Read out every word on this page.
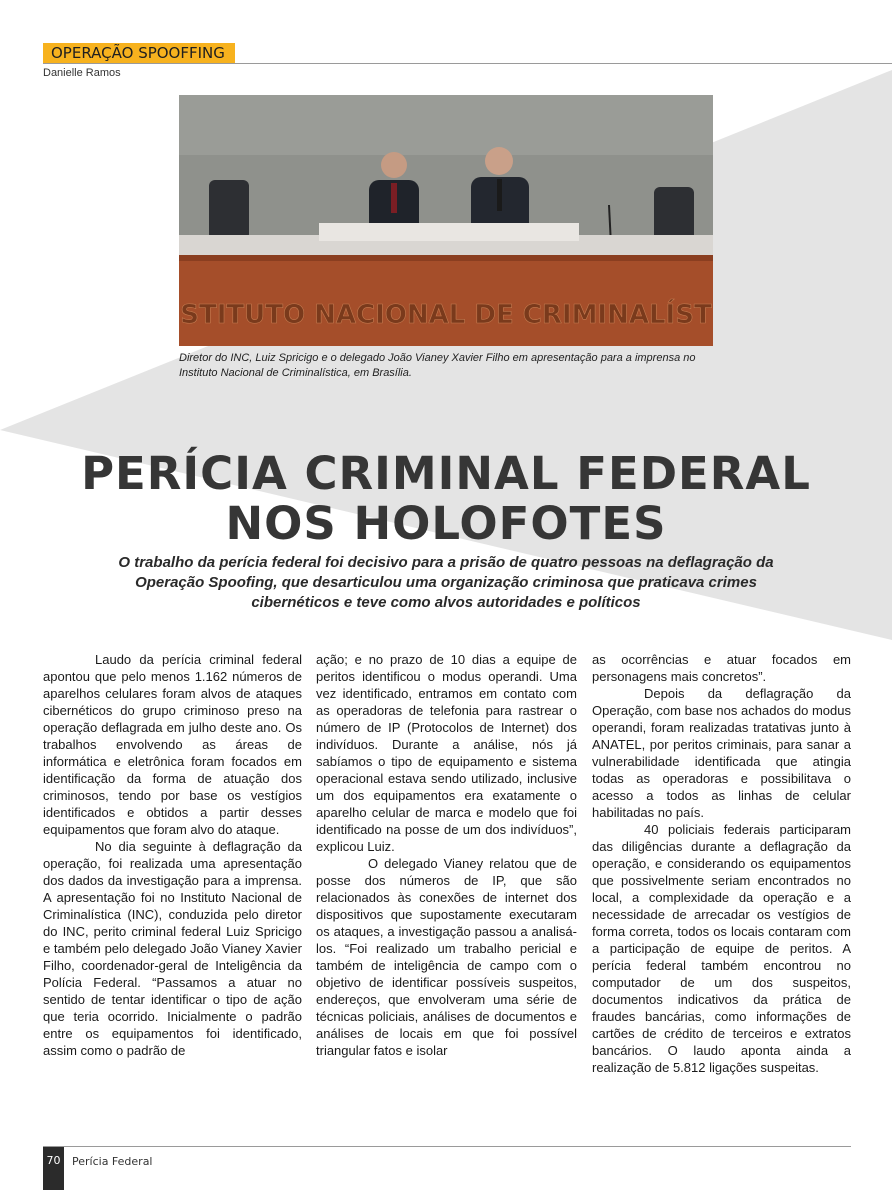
OPERAÇÃO SPOOFFING
Danielle Ramos
STITUTO NACIONAL DE CRIMINALÍST
Diretor do INC, Luiz Spricigo e o delegado João Vianey Xavier Filho em apresentação para a imprensa no Instituto Nacional de Criminalística, em Brasília.
PERÍCIA CRIMINAL FEDERAL
NOS HOLOFOTES
O trabalho da perícia federal foi decisivo para a prisão de quatro pessoas na deflagração da Operação Spoofing, que desarticulou uma organização criminosa que praticava crimes cibernéticos e teve como alvos autoridades e políticos

Laudo da perícia criminal federal apontou que pelo menos 1.162 números de aparelhos celulares foram alvos de ataques cibernéticos do grupo criminoso preso na operação deflagrada em julho deste ano. Os trabalhos envolvendo as áreas de informática e eletrônica foram focados em identificação da forma de atuação dos criminosos, tendo por base os vestígios identificados e obtidos a partir desses equipamentos que foram alvo do ataque.

No dia seguinte à deflagração da operação, foi realizada uma apresentação dos dados da investigação para a imprensa. A apresentação foi no Instituto Nacional de Criminalística (INC), conduzida pelo diretor do INC, perito criminal federal Luiz Spricigo e também pelo delegado João Vianey Xavier Filho, coordenador-geral de Inteligência da Polícia Federal. “Passamos a atuar no sentido de tentar identificar o tipo de ação que teria ocorrido. Inicialmente o padrão entre os equipamentos foi identificado, assim como o padrão de

ação; e no prazo de 10 dias a equipe de peritos identificou o modus operandi. Uma vez identificado, entramos em contato com as operadoras de telefonia para rastrear o número de IP (Protocolos de Internet) dos indivíduos. Durante a análise, nós já sabíamos o tipo de equipamento e sistema operacional estava sendo utilizado, inclusive um dos equipamentos era exatamente o aparelho celular de marca e modelo que foi identificado na posse de um dos indivíduos”, explicou Luiz.

O delegado Vianey relatou que de posse dos números de IP, que são relacionados às conexões de internet dos dispositivos que supostamente executaram os ataques, a investigação passou a analisá-los. “Foi realizado um trabalho pericial e também de inteligência de campo com o objetivo de identificar possíveis suspeitos, endereços, que envolveram uma série de técnicas policiais, análises de documentos e análises de locais em que foi possível triangular fatos e isolar

as ocorrências e atuar focados em personagens mais concretos”.

Depois da deflagração da Operação, com base nos achados do modus operandi, foram realizadas tratativas junto à ANATEL, por peritos criminais, para sanar a vulnerabilidade identificada que atingia todas as operadoras e possibilitava o acesso a todos as linhas de celular habilitadas no país.

40 policiais federais participaram das diligências durante a deflagração da operação, e considerando os equipamentos que possivelmente seriam encontrados no local, a complexidade da operação e a necessidade de arrecadar os vestígios de forma correta, todos os locais contaram com a participação de equipe de peritos. A perícia federal também encontrou no computador de um dos suspeitos, documentos indicativos da prática de fraudes bancárias, como informações de cartões de crédito de terceiros e extratos bancários. O laudo aponta ainda a realização de 5.812 ligações suspeitas.

70	Perícia Federal
